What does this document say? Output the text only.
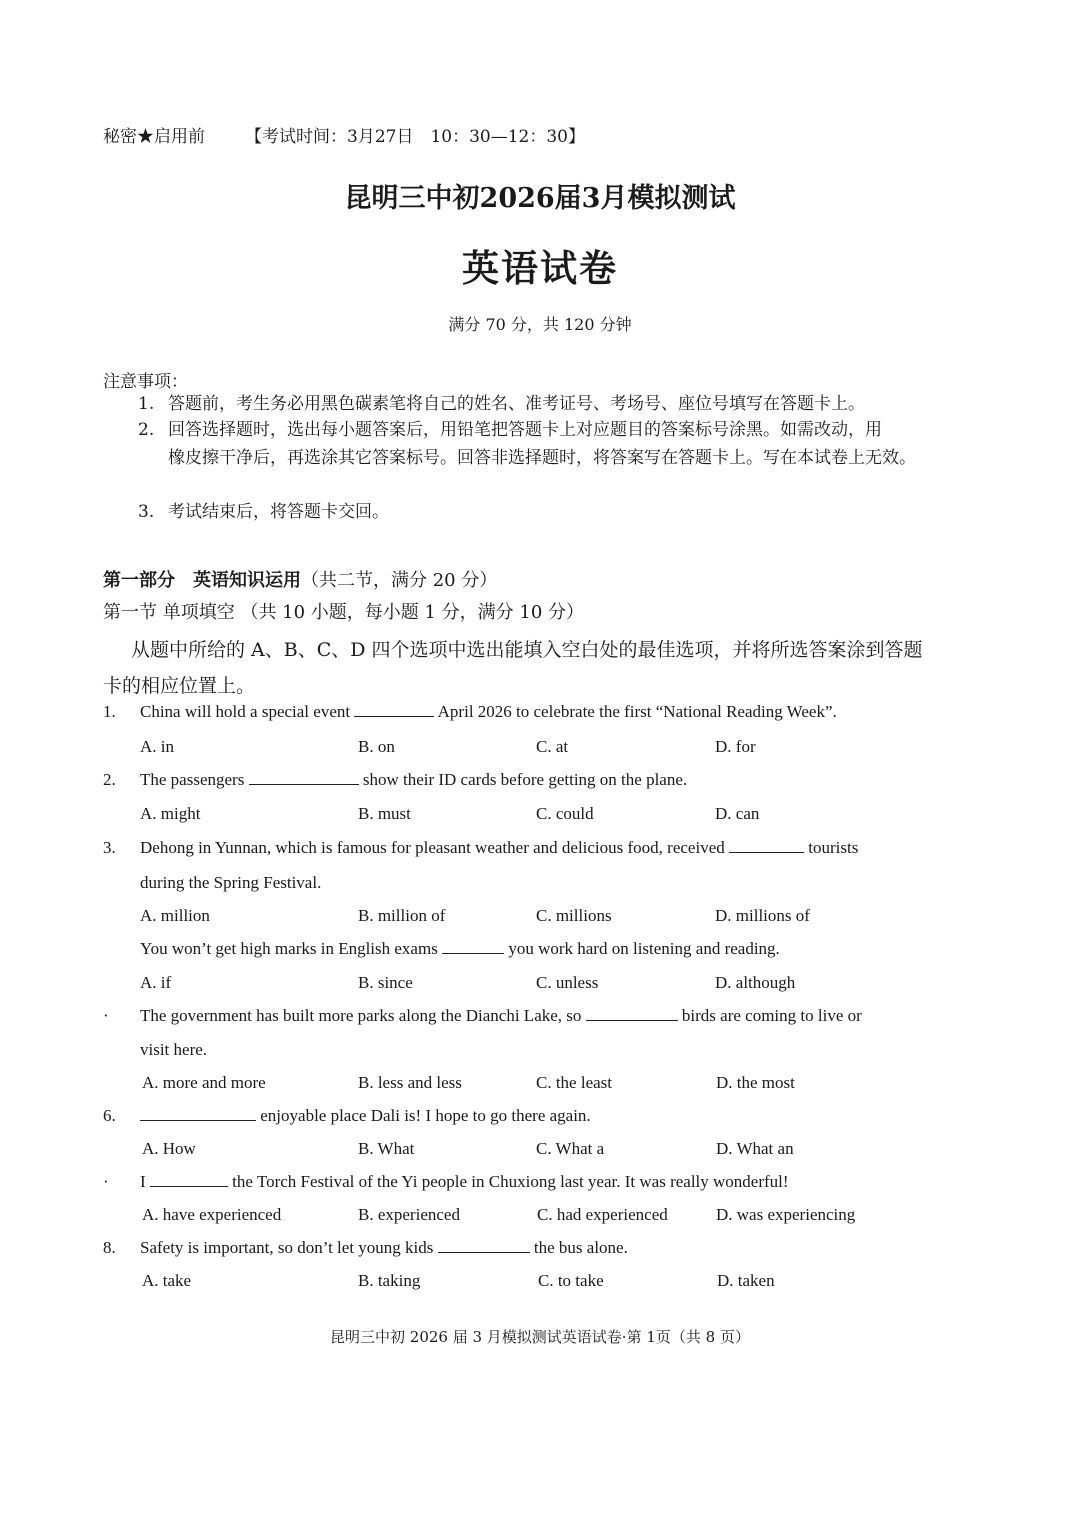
秘密★启用前 【考试时间：3月27日　10：30—12：30】
昆明三中初2026届3月模拟测试
英语试卷
满分 70 分，共 120 分钟
注意事项：
1. 答题前，考生务必用黑色碳素笔将自己的姓名、准考证号、考场号、座位号填写在答题卡上。
2. 回答选择题时，选出每小题答案后，用铅笔把答题卡上对应题目的答案标号涂黑。如需改动，用
橡皮擦干净后，再选涂其它答案标号。回答非选择题时，将答案写在答题卡上。写在本试卷上无效。
3. 考试结束后，将答题卡交回。
第一部分　英语知识运用（共二节，满分 20 分）
第一节 单项填空 （共 10 小题，每小题 1 分，满分 10 分）
从题中所给的 A、B、C、D 四个选项中选出能填入空白处的最佳选项，并将所选答案涂到答题卡的相应位置上。
1. China will hold a special event	April 2026 to celebrate the first “National Reading Week”.
A. in	B. on	C. at	D. for
2. The passengers	show their ID cards before getting on the plane.
A. might	B. must	C. could	D. can
3. Dehong in Yunnan, which is famous for pleasant weather and delicious food, received	tourists
during the Spring Festival.
A. million	B. million of	C. millions	D. millions of
You won’t get high marks in English exams	you work hard on listening and reading.
A. if	B. since	C. unless	D. although
· The government has built more parks along the Dianchi Lake, so	birds are coming to live or
visit here.
A. more and more	B. less and less	C. the least	D. the most
6.	enjoyable place Dali is! I hope to go there again.
A. How	B. What	C. What a	D. What an
· I	the Torch Festival of the Yi people in Chuxiong last year. It was really wonderful!
A. have experienced	B. experienced	C. had experienced	D. was experiencing
8. Safety is important, so don’t let young kids	the bus alone.
A. take	B. taking	C. to take	D. taken
昆明三中初 2026 届 3 月模拟测试英语试卷·第 1页（共 8 页）
